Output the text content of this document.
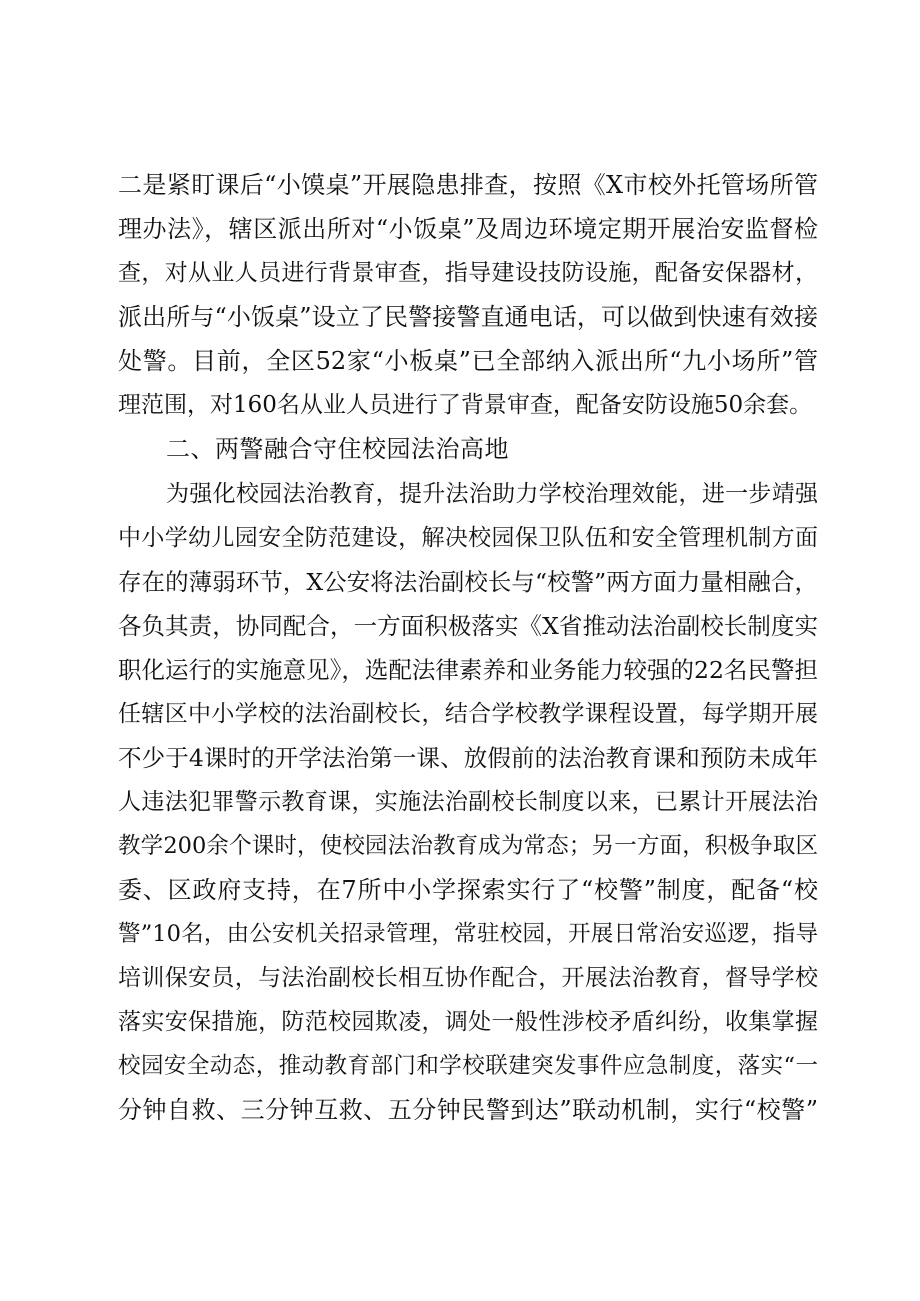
二是紧盯课后“小馍桌”开展隐患排查，按照《X市校外托管场所管
理办法》，辖区派出所对“小饭桌”及周边环境定期开展治安监督检
查，对从业人员进行背景审查，指导建设技防设施，配备安保器材，
派出所与“小饭桌”设立了民警接警直通电话，可以做到快速有效接
处警。目前，全区52家“小板桌”已全部纳入派出所“九小场所”管
理范围，对160名从业人员进行了背景审查，配备安防设施50余套。
二、两警融合守住校园法治高地
为强化校园法治教育，提升法治助力学校治理效能，进一步靖强
中小学幼儿园安全防范建设，解决校园保卫队伍和安全管理机制方面
存在的薄弱环节，X公安将法治副校长与“校警”两方面力量相融合，
各负其责，协同配合，一方面积极落实《X省推动法治副校长制度实
职化运行的实施意见》，选配法律素养和业务能力较强的22名民警担
任辖区中小学校的法治副校长，结合学校教学课程设置，每学期开展
不少于4课时的开学法治第一课、放假前的法治教育课和预防未成年
人违法犯罪警示教育课，实施法治副校长制度以来，已累计开展法治
教学200余个课时，使校园法治教育成为常态；另一方面，积极争取区
委、区政府支持，在7所中小学探索实行了“校警”制度，配备“校
警”10名，由公安机关招录管理，常驻校园，开展日常治安巡逻，指导
培训保安员，与法治副校长相互协作配合，开展法治教育，督导学校
落实安保措施，防范校园欺凌，调处一般性涉校矛盾纠纷，收集掌握
校园安全动态，推动教育部门和学校联建突发事件应急制度，落实“一
分钟自救、三分钟互救、五分钟民警到达”联动机制，实行“校警”
